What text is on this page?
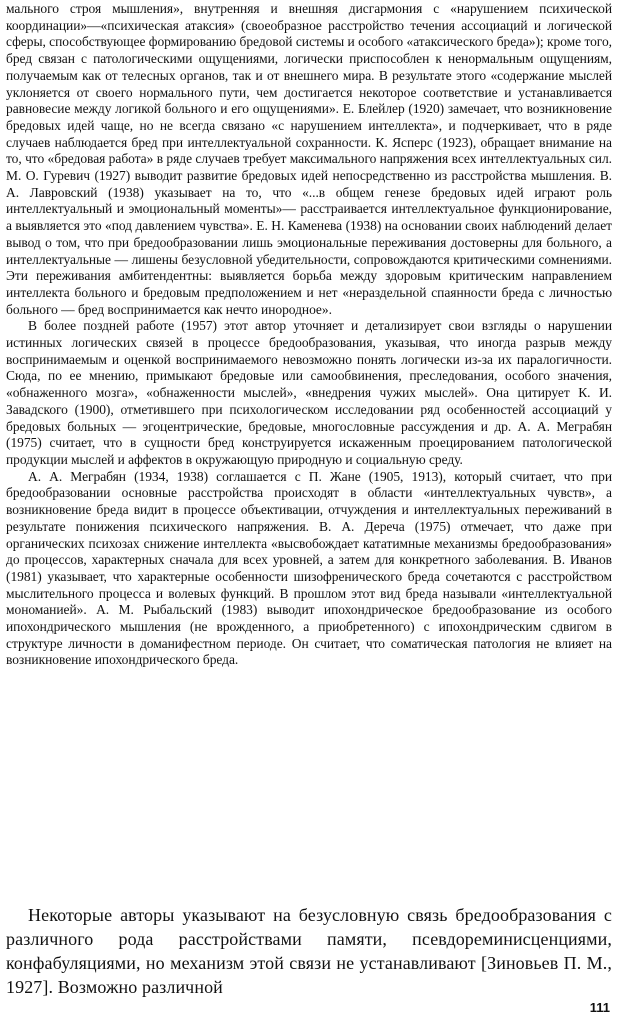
мального строя мышления», внутренняя и внешняя дисгармония с «нарушением психической координации»—«психическая атаксия» (своеобразное расстройство течения ассоциаций и логической сферы, способствующее формированию бредовой системы и особого «атаксического бреда»); кроме того, бред связан с патологическими ощущениями, логически приспособлен к ненормальным ощущениям, получаемым как от телесных органов, так и от внешнего мира. В результате этого «содержание мыслей уклоняется от своего нормального пути, чем достигается некоторое соответствие и устанавливается равновесие между логикой больного и его ощущениями». Е. Блейлер (1920) замечает, что возникновение бредовых идей чаще, но не всегда связано «с нарушением интеллекта», и подчеркивает, что в ряде случаев наблюдается бред при интеллектуальной сохранности. К. Ясперс (1923), обращает внимание на то, что «бредовая работа» в ряде случаев требует максимального напряжения всех интеллектуальных сил. М. О. Гуревич (1927) выводит развитие бредовых идей непосредственно из расстройства мышления. В. А. Лавровский (1938) указывает на то, что «...в общем генезе бредовых идей играют роль интеллектуальный и эмоциональный моменты»— расстраивается интеллектуальное функционирование, а выявляется это «под давлением чувства». Е. Н. Каменева (1938) на основании своих наблюдений делает вывод о том, что при бредообразовании лишь эмоциональные переживания достоверны для больного, а интеллектуальные — лишены безусловной убедительности, сопровождаются критическими сомнениями. Эти переживания амбитендентны: выявляется борьба между здоровым критическим направлением интеллекта больного и бредовым предположением и нет «нераздельной спаянности бреда с личностью больного — бред воспринимается как нечто инородное».

В более поздней работе (1957) этот автор уточняет и детализирует свои взгляды о нарушении истинных логических связей в процессе бредообразования, указывая, что иногда разрыв между воспринимаемым и оценкой воспринимаемого невозможно понять логически из-за их паралогичности. Сюда, по ее мнению, примыкают бредовые или самообвинения, преследования, особого значения, «обнаженного мозга», «обнаженности мыслей», «внедрения чужих мыслей». Она цитирует К. И. Завадского (1900), отметившего при психологическом исследовании ряд особенностей ассоциаций у бредовых больных — эгоцентрические, бредовые, многословные рассуждения и др. А. А. Меграбян (1975) считает, что в сущности бред конструируется искаженным проецированием патологической продукции мыслей и аффектов в окружающую природную и социальную среду.

А. А. Меграбян (1934, 1938) соглашается с П. Жане (1905, 1913), который считает, что при бредообразовании основные расстройства происходят в области «интеллектуальных чувств», а возникновение бреда видит в процессе объективации, отчуждения и интеллектуальных переживаний в результате понижения психического напряжения. В. А. Дереча (1975) отмечает, что даже при органических психозах снижение интеллекта «высвобождает кататимные механизмы бредообразования» до процессов, характерных сначала для всех уровней, а затем для конкретного заболевания. В. Иванов (1981) указывает, что характерные особенности шизофренического бреда сочетаются с расстройством мыслительного процесса и волевых функций. В прошлом этот вид бреда называли «интеллектуальной мономанией». А. М. Рыбальский (1983) выводит ипохондрическое бредообразование из особого ипохондрического мышления (не врожденного, а приобретенного) с ипохондрическим сдвигом в структуре личности в доманифестном периоде. Он считает, что соматическая патология не влияет на возникновение ипохондрического бреда.

Некоторые авторы указывают на безусловную связь бредообразования с различного рода расстройствами памяти, псевдореминисценциями, конфабуляциями, но механизм этой связи не устанавливают [Зиновьев П. М., 1927]. Возможно различной

111
